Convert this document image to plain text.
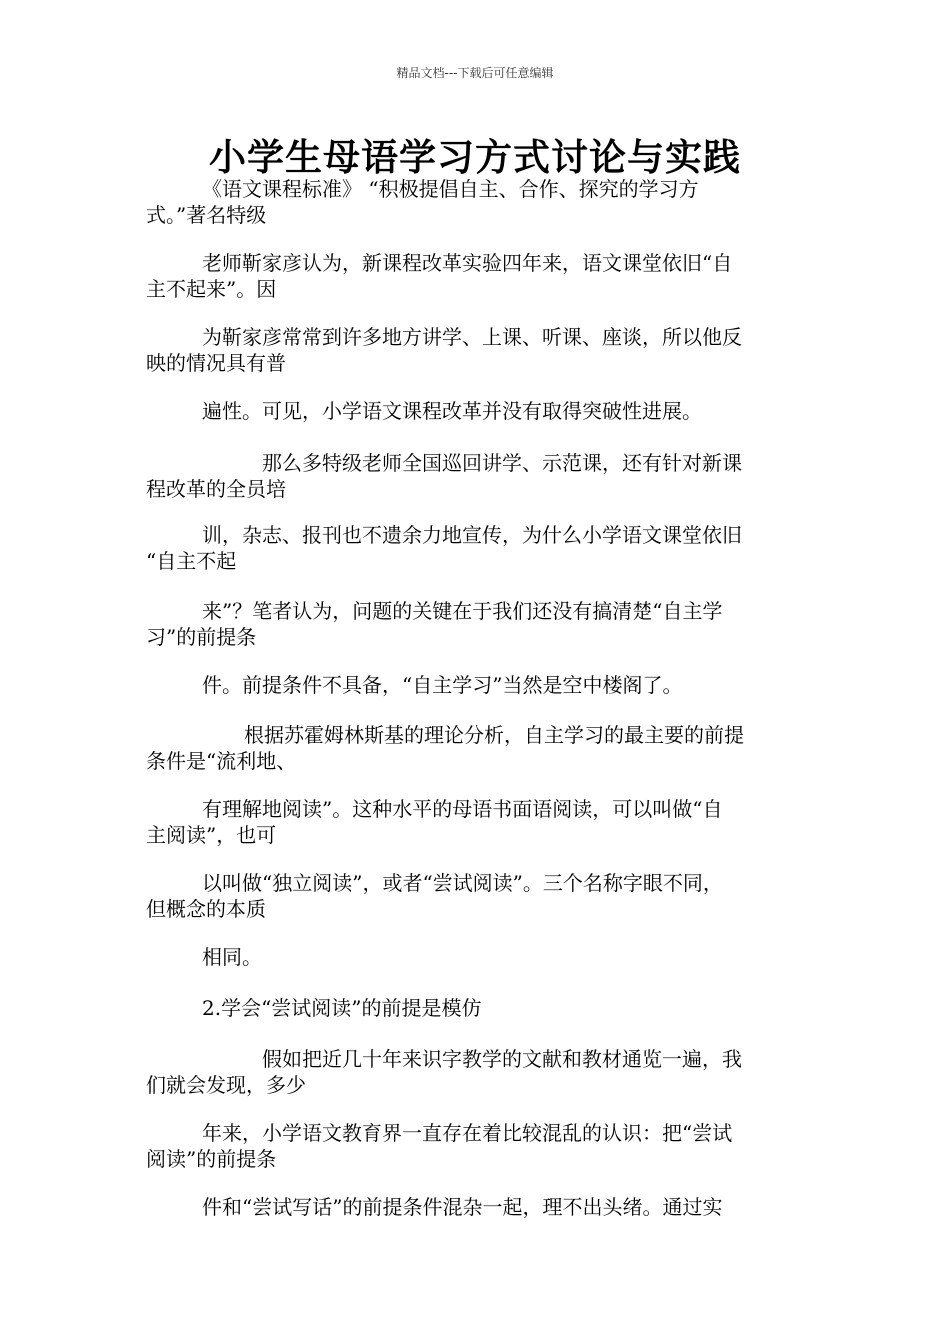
精品文档---下载后可任意编辑
小学生母语学习方式讨论与实践
《语文课程标准》 “积极提倡自主、合作、探究的学习方
式。”著名特级
老师靳家彦认为，新课程改革实验四年来，语文课堂依旧“自
主不起来”。因
为靳家彦常常到许多地方讲学、上课、听课、座谈，所以他反
映的情况具有普
遍性。可见，小学语文课程改革并没有取得突破性进展。
那么多特级老师全国巡回讲学、示范课，还有针对新课
程改革的全员培
训，杂志、报刊也不遗余力地宣传，为什么小学语文课堂依旧
“自主不起
来”？笔者认为，问题的关键在于我们还没有搞清楚“自主学
习”的前提条
件。前提条件不具备，“自主学习”当然是空中楼阁了。
根据苏霍姆林斯基的理论分析，自主学习的最主要的前提
条件是“流利地、
有理解地阅读”。这种水平的母语书面语阅读，可以叫做“自
主阅读”，也可
以叫做“独立阅读”，或者“尝试阅读”。三个名称字眼不同，
但概念的本质
相同。
2.学会“尝试阅读”的前提是模仿
假如把近几十年来识字教学的文献和教材通览一遍，我
们就会发现，多少
年来，小学语文教育界一直存在着比较混乱的认识：把“尝试
阅读”的前提条
件和“尝试写话”的前提条件混杂一起，理不出头绪。通过实
